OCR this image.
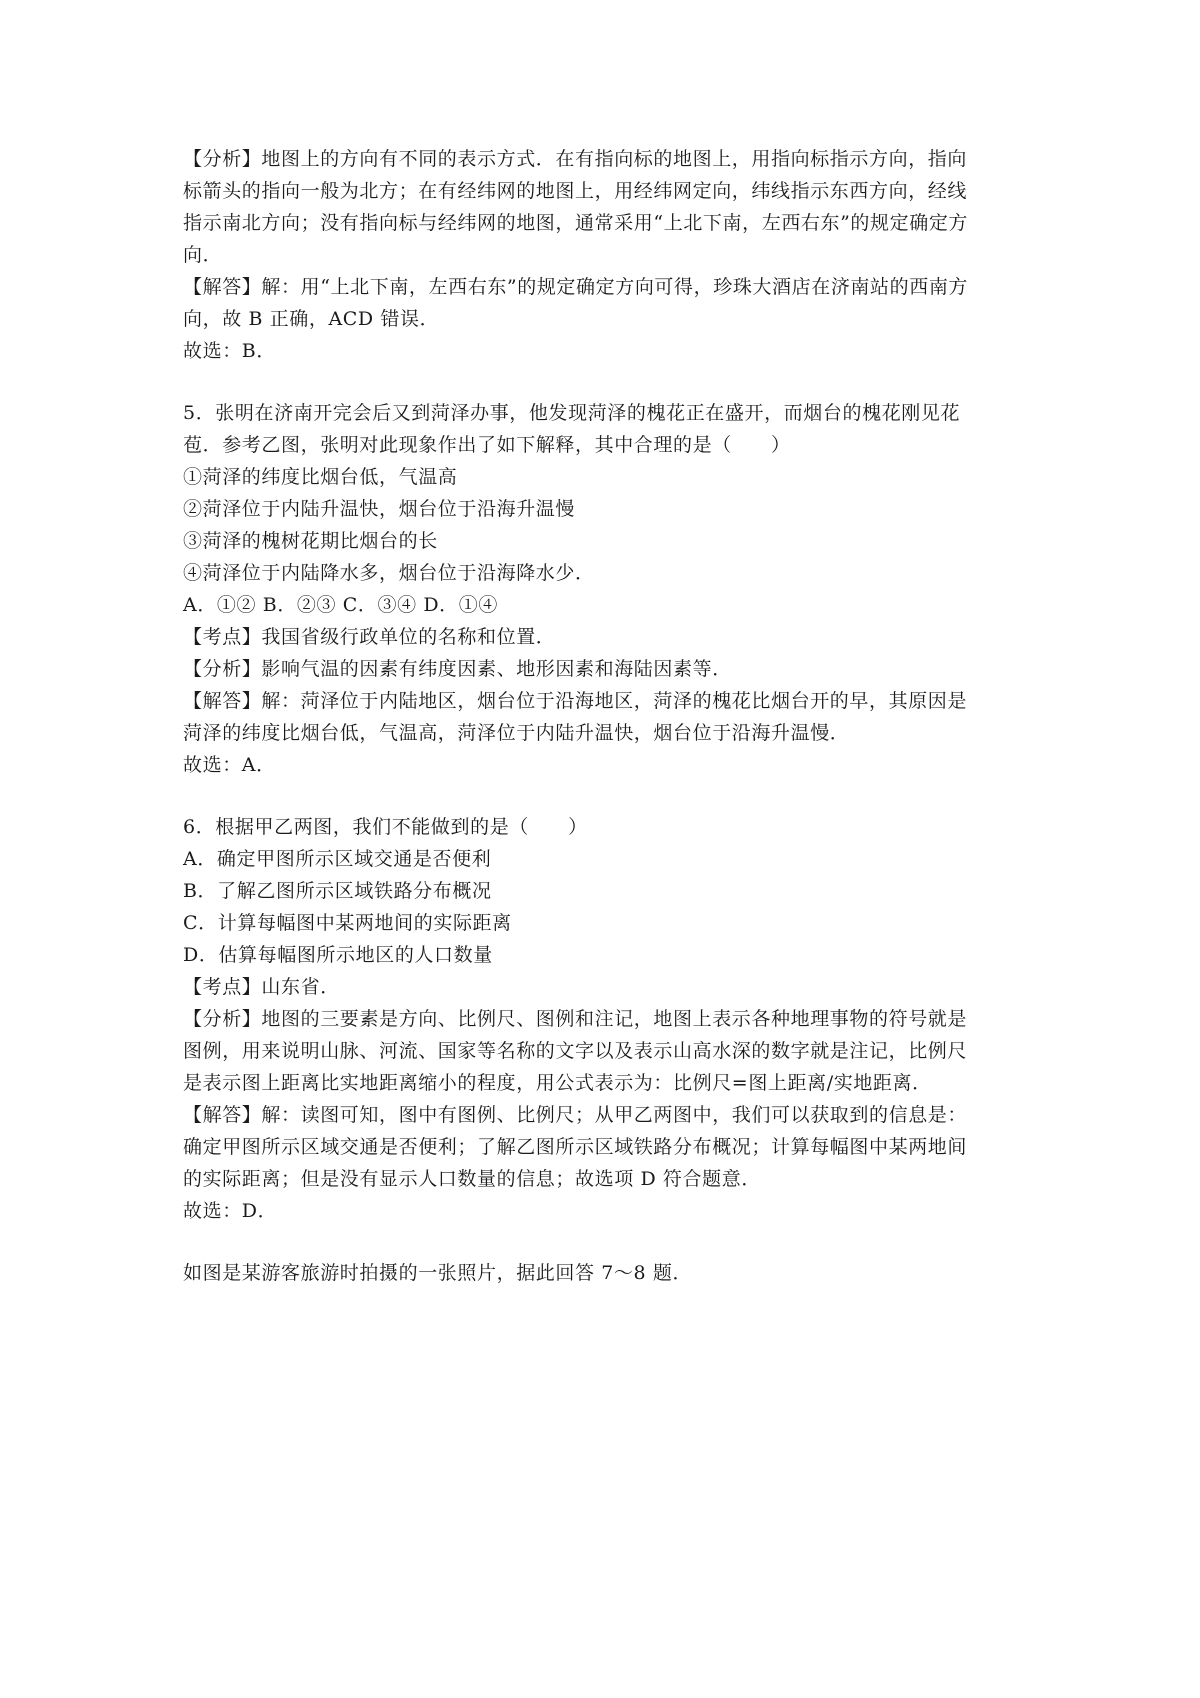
【分析】地图上的方向有不同的表示方式．在有指向标的地图上，用指向标指示方向，指向
标箭头的指向一般为北方；在有经纬网的地图上，用经纬网定向，纬线指示东西方向，经线
指示南北方向；没有指向标与经纬网的地图，通常采用“上北下南，左西右东”的规定确定方
向．
【解答】解：用“上北下南，左西右东”的规定确定方向可得，珍珠大酒店在济南站的西南方
向，故 B 正确，ACD 错误．
故选：B．
5．张明在济南开完会后又到菏泽办事，他发现菏泽的槐花正在盛开，而烟台的槐花刚见花
苞．参考乙图，张明对此现象作出了如下解释，其中合理的是（　　）
①菏泽的纬度比烟台低，气温高
②菏泽位于内陆升温快，烟台位于沿海升温慢
③菏泽的槐树花期比烟台的长
④菏泽位于内陆降水多，烟台位于沿海降水少．
A．①② B．②③ C．③④ D．①④
【考点】我国省级行政单位的名称和位置．
【分析】影响气温的因素有纬度因素、地形因素和海陆因素等．
【解答】解：菏泽位于内陆地区，烟台位于沿海地区，菏泽的槐花比烟台开的早，其原因是
菏泽的纬度比烟台低，气温高，菏泽位于内陆升温快，烟台位于沿海升温慢．
故选：A．
6．根据甲乙两图，我们不能做到的是（　　）
A．确定甲图所示区域交通是否便利
B．了解乙图所示区域铁路分布概况
C．计算每幅图中某两地间的实际距离
D．估算每幅图所示地区的人口数量
【考点】山东省．
【分析】地图的三要素是方向、比例尺、图例和注记，地图上表示各种地理事物的符号就是
图例，用来说明山脉、河流、国家等名称的文字以及表示山高水深的数字就是注记，比例尺
是表示图上距离比实地距离缩小的程度，用公式表示为：比例尺=图上距离/实地距离．
【解答】解：读图可知，图中有图例、比例尺；从甲乙两图中，我们可以获取到的信息是：
确定甲图所示区域交通是否便利；了解乙图所示区域铁路分布概况；计算每幅图中某两地间
的实际距离；但是没有显示人口数量的信息；故选项 D 符合题意．
故选：D．
如图是某游客旅游时拍摄的一张照片，据此回答 7～8 题．
